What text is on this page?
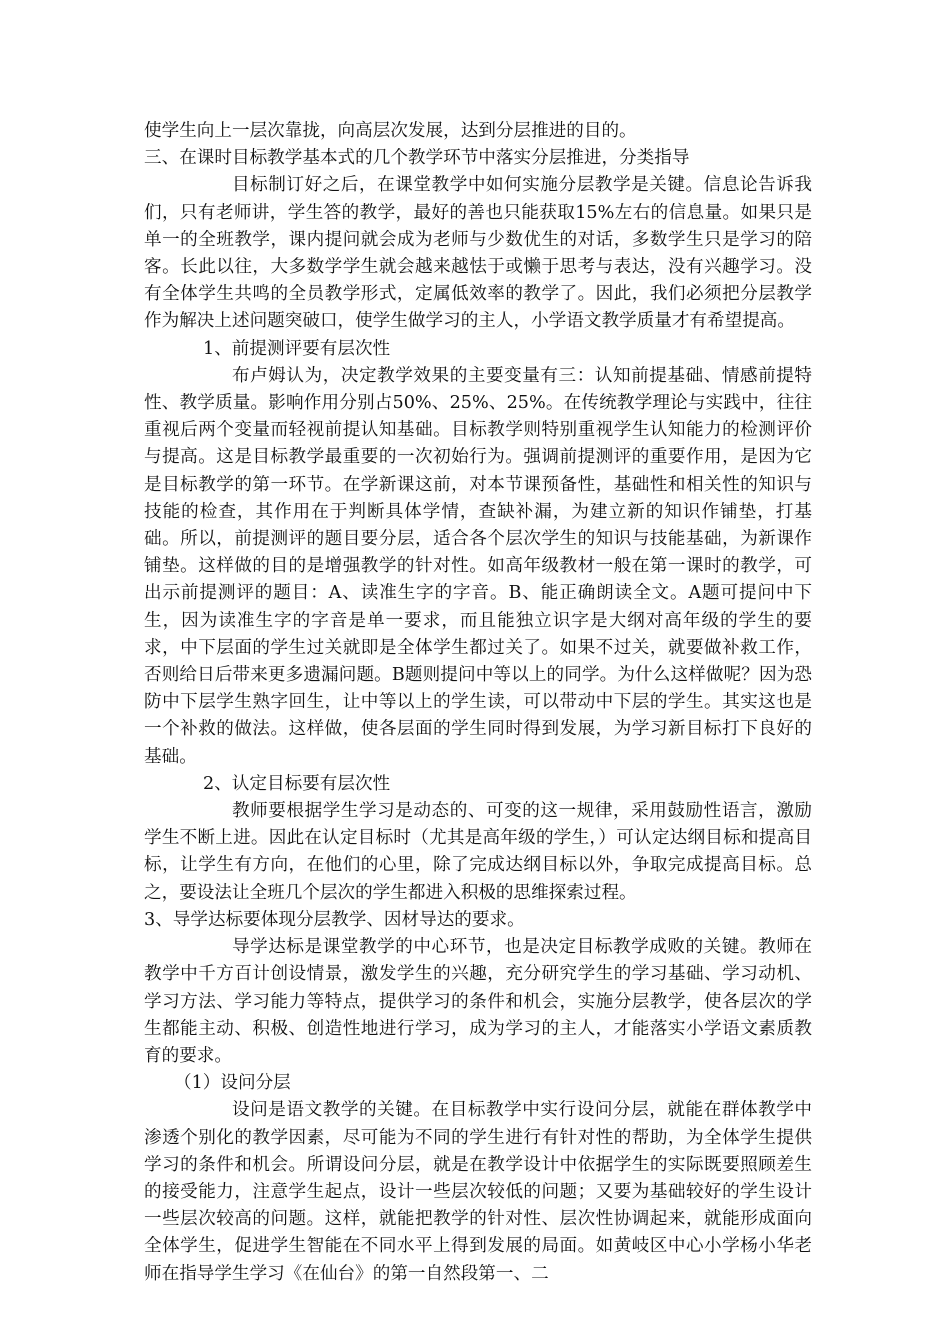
使学生向上一层次靠拢，向高层次发展，达到分层推进的目的。

三、在课时目标教学基本式的几个教学环节中落实分层推进，分类指导

目标制订好之后，在课堂教学中如何实施分层教学是关键。信息论告诉我们，只有老师讲，学生答的教学，最好的善也只能获取15%左右的信息量。如果只是单一的全班教学，课内提问就会成为老师与少数优生的对话，多数学生只是学习的陪客。长此以往，大多数学学生就会越来越怯于或懒于思考与表达，没有兴趣学习。没有全体学生共鸣的全员教学形式，定属低效率的教学了。因此，我们必须把分层教学作为解决上述问题突破口，使学生做学习的主人，小学语文教学质量才有希望提高。

1、前提测评要有层次性

布卢姆认为，决定教学效果的主要变量有三：认知前提基础、情感前提特性、教学质量。影响作用分别占50%、25%、25%。在传统教学理论与实践中，往往重视后两个变量而轻视前提认知基础。目标教学则特别重视学生认知能力的检测评价与提高。这是目标教学最重要的一次初始行为。强调前提测评的重要作用，是因为它是目标教学的第一环节。在学新课这前，对本节课预备性，基础性和相关性的知识与技能的检查，其作用在于判断具体学情，查缺补漏，为建立新的知识作铺垫，打基础。所以，前提测评的题目要分层，适合各个层次学生的知识与技能基础，为新课作铺垫。这样做的目的是增强教学的针对性。如高年级教材一般在第一课时的教学，可出示前提测评的题目：A、读准生字的字音。B、能正确朗读全文。A题可提问中下生，因为读准生字的字音是单一要求，而且能独立识字是大纲对高年级的学生的要求，中下层面的学生过关就即是全体学生都过关了。如果不过关，就要做补救工作，否则给日后带来更多遗漏问题。B题则提问中等以上的同学。为什么这样做呢？因为恐防中下层学生熟字回生，让中等以上的学生读，可以带动中下层的学生。其实这也是一个补救的做法。这样做，使各层面的学生同时得到发展，为学习新目标打下良好的基础。

2、认定目标要有层次性

教师要根据学生学习是动态的、可变的这一规律，采用鼓励性语言，激励学生不断上进。因此在认定目标时（尤其是高年级的学生，）可认定达纲目标和提高目标，让学生有方向，在他们的心里，除了完成达纲目标以外，争取完成提高目标。总之，要设法让全班几个层次的学生都进入积极的思维探索过程。

3、导学达标要体现分层教学、因材导达的要求。

导学达标是课堂教学的中心环节，也是决定目标教学成败的关键。教师在教学中千方百计创设情景，激发学生的兴趣，充分研究学生的学习基础、学习动机、学习方法、学习能力等特点，提供学习的条件和机会，实施分层教学，使各层次的学生都能主动、积极、创造性地进行学习，成为学习的主人，才能落实小学语文素质教育的要求。

（1）设问分层

设问是语文教学的关键。在目标教学中实行设问分层，就能在群体教学中渗透个别化的教学因素，尽可能为不同的学生进行有针对性的帮助，为全体学生提供学习的条件和机会。所谓设问分层，就是在教学设计中依据学生的实际既要照顾差生的接受能力，注意学生起点，设计一些层次较低的问题；又要为基础较好的学生设计一些层次较高的问题。这样，就能把教学的针对性、层次性协调起来，就能形成面向全体学生，促进学生智能在不同水平上得到发展的局面。如黄岐区中心小学杨小华老师在指导学生学习《在仙台》的第一自然段第一、二
